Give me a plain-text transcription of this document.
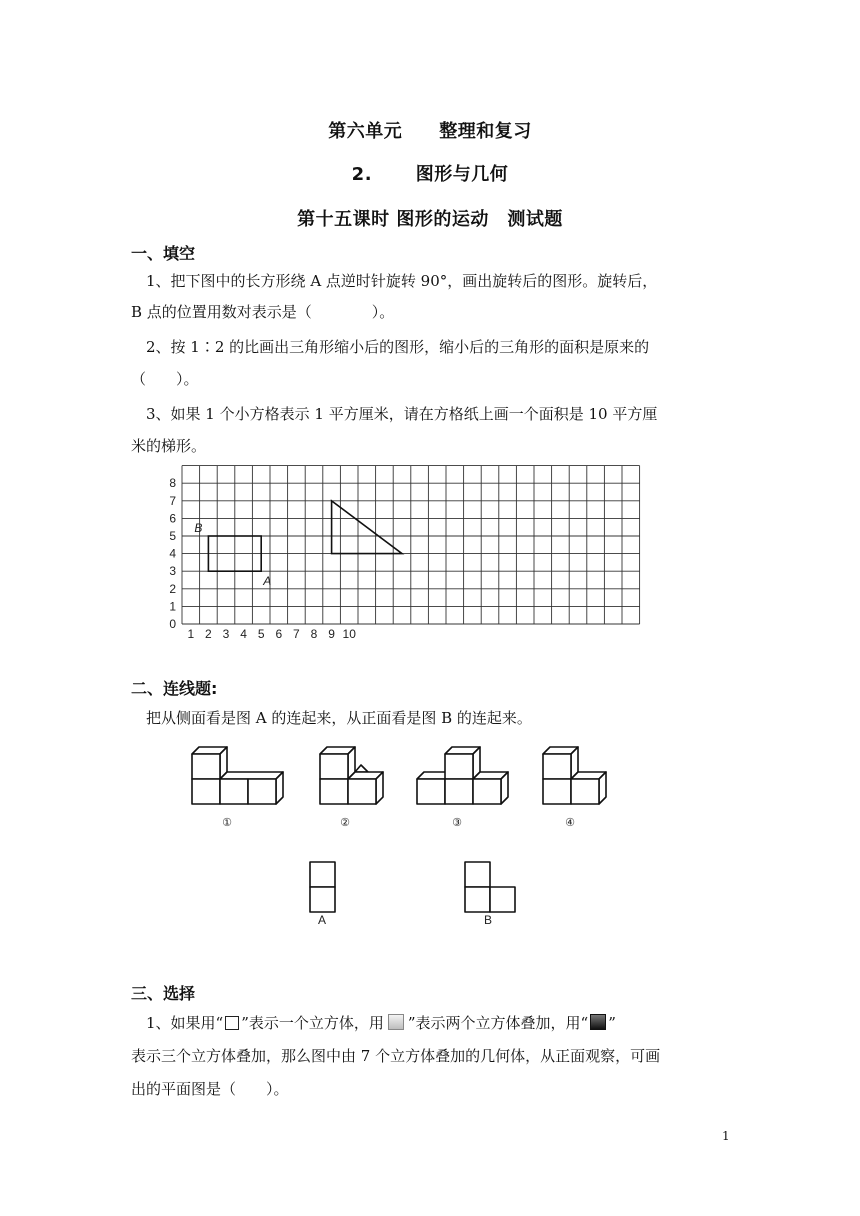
第六单元　　整理和复习
2.　　 图形与几何
第十五课时 图形的运动　测试题
一、填空
1、把下图中的长方形绕 A 点逆时针旋转 90°，画出旋转后的图形。旋转后，
B 点的位置用数对表示是（　　　　）。
2、按 1∶2 的比画出三角形缩小后的图形，缩小后的三角形的面积是原来的
（　　）。
3、如果 1 个小方格表示 1 平方厘米，请在方格纸上画一个面积是 10 平方厘
米的梯形。
0
1
2
3
4
5
6
7
8
1 2 3 4 5 6 7 8 9 10
B
A
二、连线题:
把从侧面看是图 A 的连起来，从正面看是图 B 的连起来。
①	②	③	④
A	B
三、选择
1、如果用“ ”表示一个立方体，用 ”表示两个立方体叠加，用“ ”
表示三个立方体叠加，那么图中由 7 个立方体叠加的几何体，从正面观察，可画
出的平面图是（　　）。
1
